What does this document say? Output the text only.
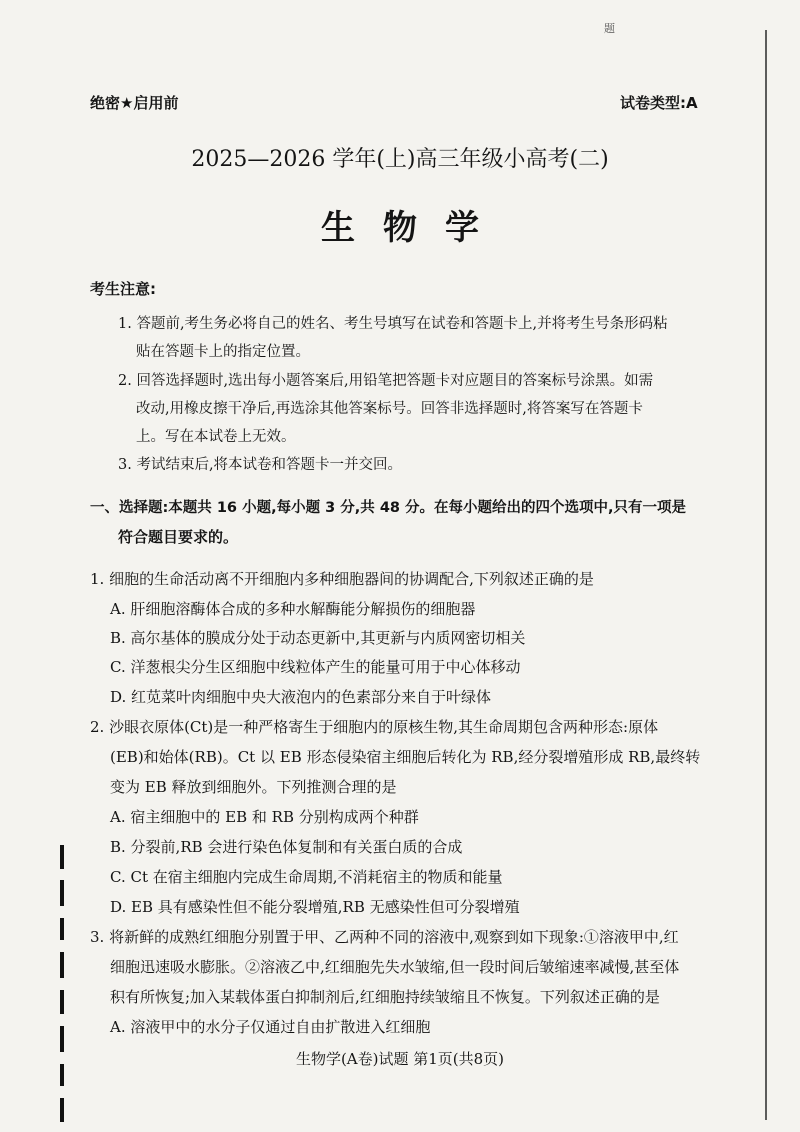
题
绝密★启用前	试卷类型:A
2025—2026 学年(上)高三年级小高考(二)
生物学
考生注意:
1. 答题前,考生务必将自己的姓名、考生号填写在试卷和答题卡上,并将考生号条形码粘
贴在答题卡上的指定位置。
2. 回答选择题时,选出每小题答案后,用铅笔把答题卡对应题目的答案标号涂黑。如需
改动,用橡皮擦干净后,再选涂其他答案标号。回答非选择题时,将答案写在答题卡
上。写在本试卷上无效。
3. 考试结束后,将本试卷和答题卡一并交回。
一、选择题:本题共 16 小题,每小题 3 分,共 48 分。在每小题给出的四个选项中,只有一项是
符合题目要求的。
1. 细胞的生命活动离不开细胞内多种细胞器间的协调配合,下列叙述正确的是
A. 肝细胞溶酶体合成的多种水解酶能分解损伤的细胞器
B. 高尔基体的膜成分处于动态更新中,其更新与内质网密切相关
C. 洋葱根尖分生区细胞中线粒体产生的能量可用于中心体移动
D. 红苋菜叶肉细胞中央大液泡内的色素部分来自于叶绿体
2. 沙眼衣原体(Ct)是一种严格寄生于细胞内的原核生物,其生命周期包含两种形态:原体
(EB)和始体(RB)。Ct 以 EB 形态侵染宿主细胞后转化为 RB,经分裂增殖形成 RB,最终转
变为 EB 释放到细胞外。下列推测合理的是
A. 宿主细胞中的 EB 和 RB 分别构成两个种群
B. 分裂前,RB 会进行染色体复制和有关蛋白质的合成
C. Ct 在宿主细胞内完成生命周期,不消耗宿主的物质和能量
D. EB 具有感染性但不能分裂增殖,RB 无感染性但可分裂增殖
3. 将新鲜的成熟红细胞分别置于甲、乙两种不同的溶液中,观察到如下现象:①溶液甲中,红
细胞迅速吸水膨胀。②溶液乙中,红细胞先失水皱缩,但一段时间后皱缩速率减慢,甚至体
积有所恢复;加入某载体蛋白抑制剂后,红细胞持续皱缩且不恢复。下列叙述正确的是
A. 溶液甲中的水分子仅通过自由扩散进入红细胞
生物学(A卷)试题 第1页(共8页)
